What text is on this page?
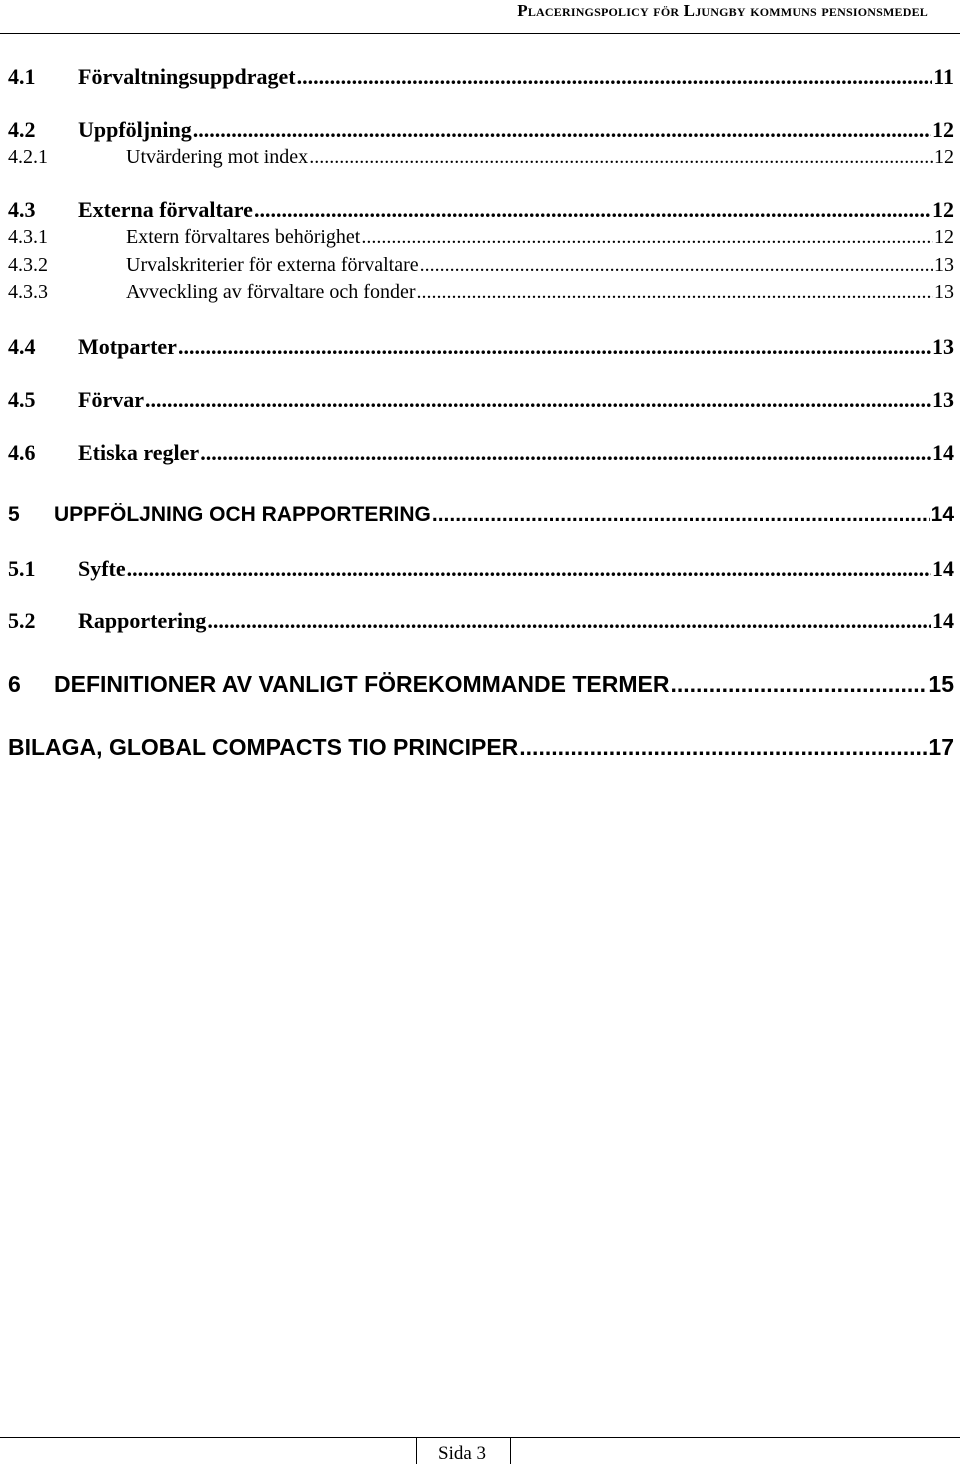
Placeringspolicy för Ljungby kommuns pensionsmedel
4.1	Förvaltningsuppdraget .....	11
4.2	Uppföljning .....	12
4.2.1	Utvärdering mot index .....	12
4.3	Externa förvaltare .....	12
4.3.1	Extern förvaltares behörighet .....	12
4.3.2	Urvalskriterier för externa förvaltare .....	13
4.3.3	Avveckling av förvaltare och fonder .....	13
4.4	Motparter .....	13
4.5	Förvar .....	13
4.6	Etiska regler .....	14
5	UPPFÖLJNING OCH RAPPORTERING .....	14
5.1	Syfte .....	14
5.2	Rapportering .....	14
6	DEFINITIONER AV VANLIGT FÖREKOMMANDE TERMER .....	15
BILAGA, GLOBAL COMPACTS TIO PRINCIPER .....	17
Sida 3
